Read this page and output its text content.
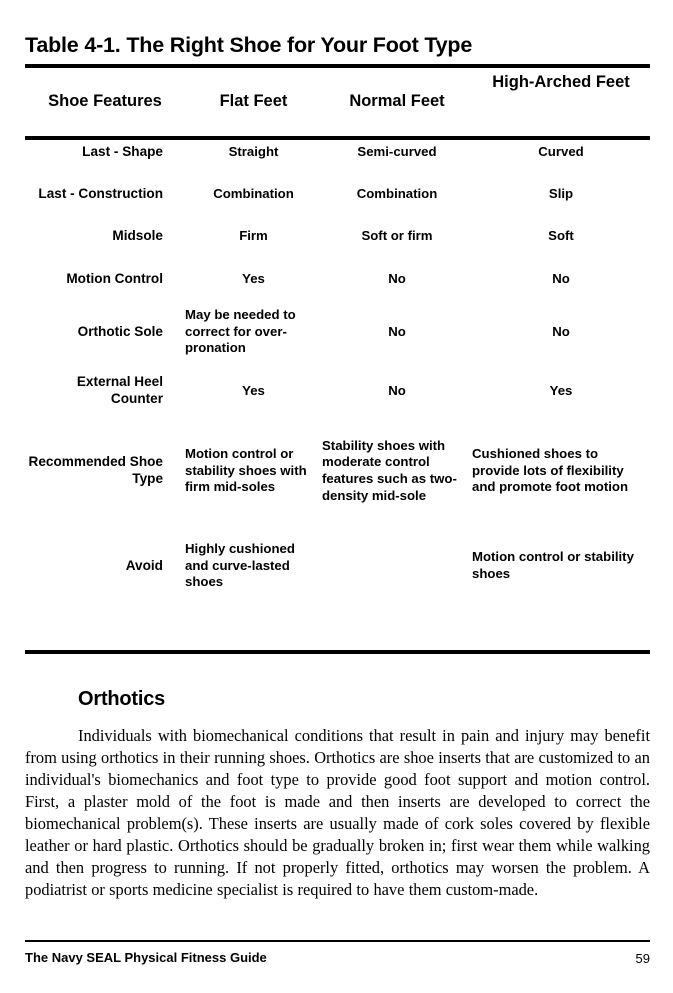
Table 4-1. The Right Shoe for Your Foot Type
Shoe Features	Flat Feet	Normal Feet	High-Arched Feet
Last - Shape	Straight	Semi-curved	Curved
Last - Construction	Combination	Combination	Slip
Midsole	Firm	Soft or firm	Soft
Motion Control	Yes	No	No
Orthotic Sole	May be needed to correct for over-pronation	No	No
External Heel Counter	Yes	No	Yes
Recommended Shoe Type	Motion control or stability shoes with firm mid-soles	Stability shoes with moderate control features such as two-density mid-sole	Cushioned shoes to provide lots of flexibility and promote foot motion
Avoid	Highly cushioned and curve-lasted shoes		Motion control or stability shoes
Orthotics
Individuals with biomechanical conditions that result in pain and injury may benefit from using orthotics in their running shoes. Orthotics are shoe inserts that are customized to an individual's biomechanics and foot type to provide good foot support and motion control. First, a plaster mold of the foot is made and then inserts are developed to correct the biomechanical problem(s). These inserts are usually made of cork soles covered by flexible leather or hard plastic. Orthotics should be gradually broken in; first wear them while walking and then progress to running. If not properly fitted, orthotics may worsen the problem. A podiatrist or sports medicine specialist is required to have them custom-made.
The Navy SEAL Physical Fitness Guide	59
